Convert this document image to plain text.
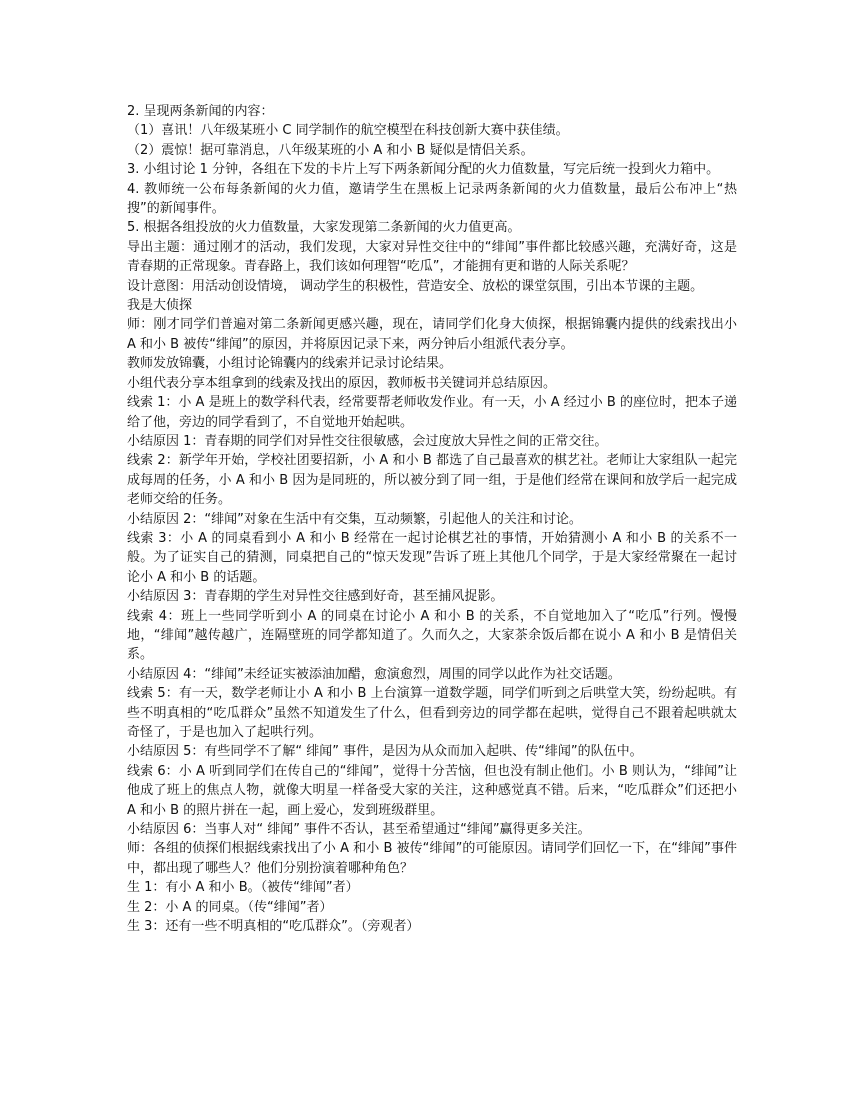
2. 呈现两条新闻的内容：

（1）喜讯！八年级某班小 C 同学制作的航空模型在科技创新大赛中获佳绩。

（2）震惊！据可靠消息，八年级某班的小 A 和小 B 疑似是情侣关系。

3. 小组讨论 1 分钟，各组在下发的卡片上写下两条新闻分配的火力值数量，写完后统一投到火力箱中。

4. 教师统一公布每条新闻的火力值，邀请学生在黑板上记录两条新闻的火力值数量，最后公布冲上“热搜”的新闻事件。

5. 根据各组投放的火力值数量，大家发现第二条新闻的火力值更高。

导出主题：通过刚才的活动，我们发现，大家对异性交往中的“绯闻”事件都比较感兴趣，充满好奇，这是青春期的正常现象。青春路上，我们该如何理智“吃瓜”，才能拥有更和谐的人际关系呢？

设计意图：用活动创设情境， 调动学生的积极性，营造安全、放松的课堂氛围，引出本节课的主题。

我是大侦探

师：刚才同学们普遍对第二条新闻更感兴趣，现在，请同学们化身大侦探，根据锦囊内提供的线索找出小 A 和小 B 被传“绯闻”的原因，并将原因记录下来，两分钟后小组派代表分享。

教师发放锦囊，小组讨论锦囊内的线索并记录讨论结果。

小组代表分享本组拿到的线索及找出的原因，教师板书关键词并总结原因。

线索 1：小 A 是班上的数学科代表，经常要帮老师收发作业。有一天，小 A 经过小 B 的座位时，把本子递给了他，旁边的同学看到了，不自觉地开始起哄。

小结原因 1：青春期的同学们对异性交往很敏感，会过度放大异性之间的正常交往。

线索 2：新学年开始，学校社团要招新，小 A 和小 B 都选了自己最喜欢的棋艺社。老师让大家组队一起完成每周的任务，小 A 和小 B 因为是同班的，所以被分到了同一组，于是他们经常在课间和放学后一起完成老师交给的任务。

小结原因 2：“绯闻”对象在生活中有交集，互动频繁，引起他人的关注和讨论。

线索 3：小 A 的同桌看到小 A 和小 B 经常在一起讨论棋艺社的事情，开始猜测小 A 和小 B 的关系不一般。为了证实自己的猜测，同桌把自己的“惊天发现”告诉了班上其他几个同学，于是大家经常聚在一起讨论小 A 和小 B 的话题。

小结原因 3：青春期的学生对异性交往感到好奇，甚至捕风捉影。

线索 4：班上一些同学听到小 A 的同桌在讨论小 A 和小 B 的关系，不自觉地加入了“吃瓜”行列。慢慢地，“绯闻”越传越广，连隔壁班的同学都知道了。久而久之，大家茶余饭后都在说小 A 和小 B 是情侣关系。

小结原因 4：“绯闻”未经证实被添油加醋，愈演愈烈，周围的同学以此作为社交话题。

线索 5：有一天，数学老师让小 A 和小 B 上台演算一道数学题，同学们听到之后哄堂大笑，纷纷起哄。有些不明真相的“吃瓜群众”虽然不知道发生了什么，但看到旁边的同学都在起哄，觉得自己不跟着起哄就太奇怪了，于是也加入了起哄行列。

小结原因 5：有些同学不了解“ 绯闻” 事件，是因为从众而加入起哄、传“绯闻”的队伍中。

线索 6：小 A 听到同学们在传自己的“绯闻”，觉得十分苦恼，但也没有制止他们。小 B 则认为，“绯闻”让他成了班上的焦点人物，就像大明星一样备受大家的关注，这种感觉真不错。后来，“吃瓜群众”们还把小 A 和小 B 的照片拼在一起，画上爱心，发到班级群里。

小结原因 6：当事人对“ 绯闻” 事件不否认，甚至希望通过“绯闻”赢得更多关注。

师：各组的侦探们根据线索找出了小 A 和小 B 被传“绯闻”的可能原因。请同学们回忆一下，在“绯闻”事件中，都出现了哪些人？他们分别扮演着哪种角色？

生 1：有小 A 和小 B。（被传“绯闻”者）

生 2：小 A 的同桌。（传“绯闻”者）

生 3：还有一些不明真相的“吃瓜群众”。（旁观者）
